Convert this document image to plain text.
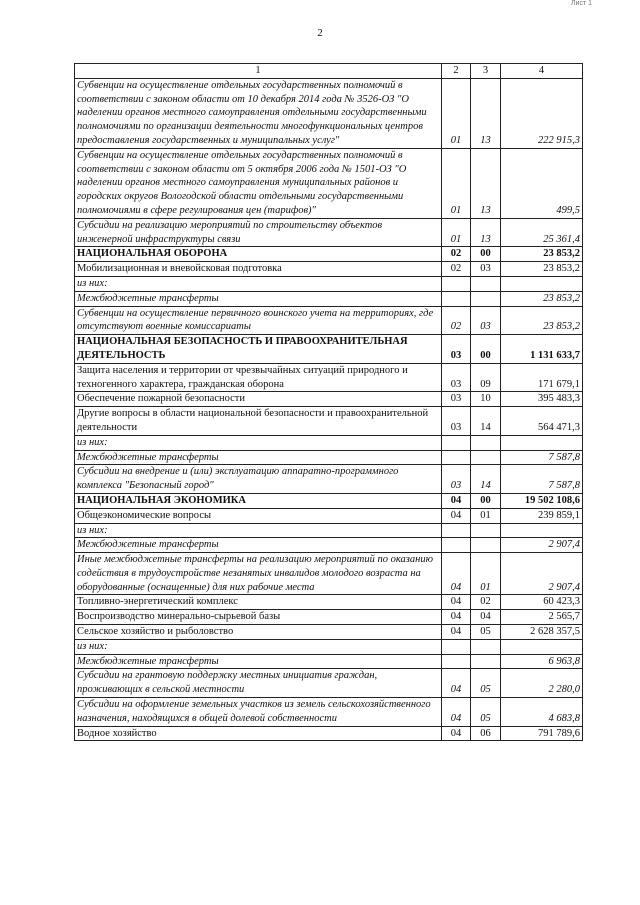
Лист 1
2
1	2	3	4
Субвенции на осуществление отдельных государственных полномочий в соответствии с законом области от 10 декабря 2014 года № 3526-ОЗ "О наделении органов местного самоуправления отдельными государственными полномочиями по организации деятельности многофункциональных центров предоставления государственных и муниципальных услуг"	01	13	222 915,3
Субвенции на осуществление отдельных государственных полномочий в соответствии с законом области от 5 октября 2006 года № 1501-ОЗ "О наделении органов местного самоуправления муниципальных районов и городских округов Вологодской области отдельными государственными полномочиями в сфере регулирования цен (тарифов)"	01	13	499,5
Субсидии на реализацию мероприятий по строительству объектов инженерной инфраструктуры связи	01	13	25 361,4
НАЦИОНАЛЬНАЯ ОБОРОНА	02	00	23 853,2
Мобилизационная и вневойсковая подготовка	02	03	23 853,2
из них:			
Межбюджетные трансферты			23 853,2
Субвенции на осуществление первичного воинского учета на территориях, где отсутствуют военные комиссариаты	02	03	23 853,2
НАЦИОНАЛЬНАЯ БЕЗОПАСНОСТЬ И ПРАВООХРАНИТЕЛЬНАЯ ДЕЯТЕЛЬНОСТЬ	03	00	1 131 633,7
Защита населения и территории от чрезвычайных ситуаций природного и техногенного характера, гражданская оборона	03	09	171 679,1
Обеспечение пожарной безопасности	03	10	395 483,3
Другие вопросы в области национальной безопасности и правоохранительной деятельности	03	14	564 471,3
из них:			
Межбюджетные трансферты			7 587,8
Субсидии на внедрение и (или) эксплуатацию аппаратно-программного комплекса "Безопасный город"	03	14	7 587,8
НАЦИОНАЛЬНАЯ ЭКОНОМИКА	04	00	19 502 108,6
Общеэкономические вопросы	04	01	239 859,1
из них:			
Межбюджетные трансферты			2 907,4
Иные межбюджетные трансферты на реализацию мероприятий по оказанию содействия в трудоустройстве незанятых инвалидов молодого возраста на оборудованные (оснащенные) для них рабочие места	04	01	2 907,4
Топливно-энергетический комплекс	04	02	60 423,3
Воспроизводство минерально-сырьевой базы	04	04	2 565,7
Сельское хозяйство и рыболовство	04	05	2 628 357,5
из них:			
Межбюджетные трансферты			6 963,8
Субсидии на грантовую поддержку местных инициатив граждан, проживающих в сельской местности	04	05	2 280,0
Субсидии на оформление земельных участков из земель сельскохозяйственного назначения, находящихся в общей долевой собственности	04	05	4 683,8
Водное хозяйство	04	06	791 789,6
